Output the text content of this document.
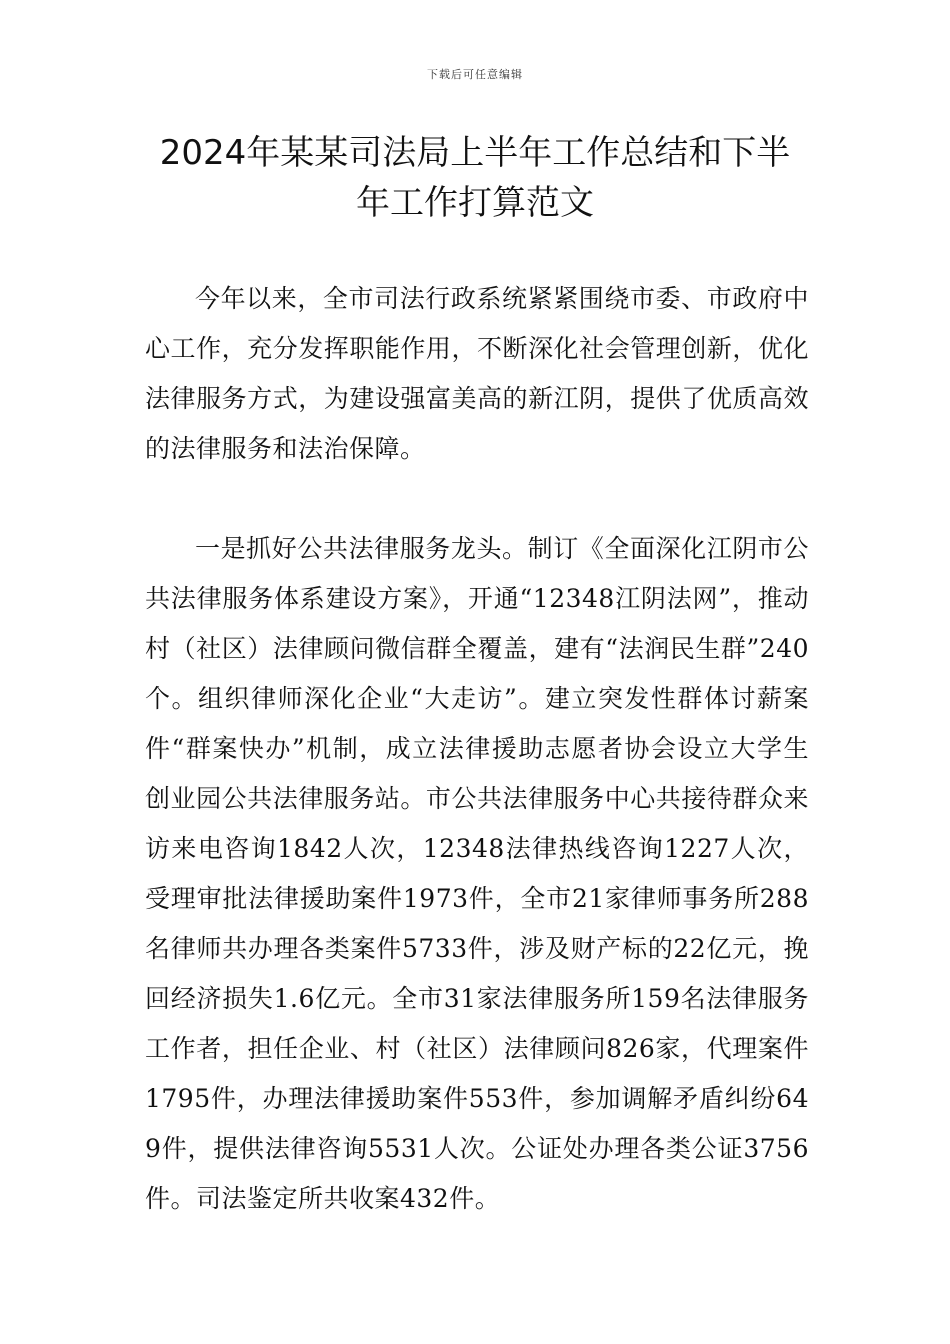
下载后可任意编辑
2024年某某司法局上半年工作总结和下半年工作打算范文

今年以来，全市司法行政系统紧紧围绕市委、市政府中心工作，充分发挥职能作用，不断深化社会管理创新，优化法律服务方式，为建设强富美高的新江阴，提供了优质高效的法律服务和法治保障。

一是抓好公共法律服务龙头。制订《全面深化江阴市公共法律服务体系建设方案》，开通“12348江阴法网”，推动村（社区）法律顾问微信群全覆盖，建有“法润民生群”240个。组织律师深化企业“大走访”。建立突发性群体讨薪案件“群案快办”机制，成立法律援助志愿者协会设立大学生创业园公共法律服务站。市公共法律服务中心共接待群众来访来电咨询1842人次，12348法律热线咨询1227人次，受理审批法律援助案件1973件，全市21家律师事务所288名律师共办理各类案件5733件，涉及财产标的22亿元，挽回经济损失1.6亿元。全市31家法律服务所159名法律服务工作者，担任企业、村（社区）法律顾问826家，代理案件1795件，办理法律援助案件553件，参加调解矛盾纠纷649件，提供法律咨询5531人次。公证处办理各类公证3756件。司法鉴定所共收案432件。
